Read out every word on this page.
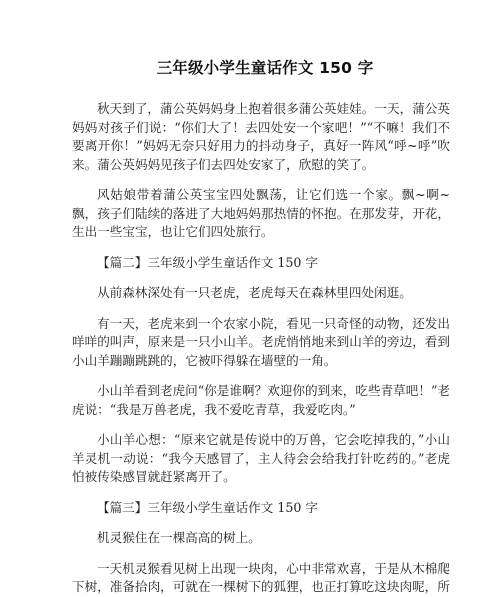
三年级小学生童话作文 150 字

秋天到了，蒲公英妈妈身上抱着很多蒲公英娃娃。一天，蒲公英妈妈对孩子们说：“你们大了！去四处安一个家吧！”“不嘛！我们不要离开你！”妈妈无奈只好用力的抖动身子，真好一阵风“呼~呼”吹来。蒲公英妈妈见孩子们去四处安家了，欣慰的笑了。

风姑娘带着蒲公英宝宝四处飘荡，让它们选一个家。飘~啊~飘，孩子们陆续的落进了大地妈妈那热情的怀抱。在那发芽，开花，生出一些宝宝，也让它们四处旅行。

【篇二】三年级小学生童话作文 150 字

从前森林深处有一只老虎，老虎每天在森林里四处闲逛。

有一天，老虎来到一个农家小院，看见一只奇怪的动物，还发出咩咩的叫声，原来是一只小山羊。老虎悄悄地来到山羊的旁边，看到小山羊蹦蹦跳跳的，它被吓得躲在墙壁的一角。

小山羊看到老虎问“你是谁啊？欢迎你的到来，吃些青草吧！”老虎说：“我是万兽老虎，我不爱吃青草，我爱吃肉。”

小山羊心想：“原来它就是传说中的万兽，它会吃掉我的，”小山羊灵机一动说：“我今天感冒了，主人待会会给我打针吃药的。”老虎怕被传染感冒就赶紧离开了。

【篇三】三年级小学生童话作文 150 字

机灵猴住在一棵高高的树上。

一天机灵猴看见树上出现一块肉，心中非常欢喜，于是从木棉爬下树，准备拾肉，可就在一棵树下的狐狸，也正打算吃这块肉呢，所
